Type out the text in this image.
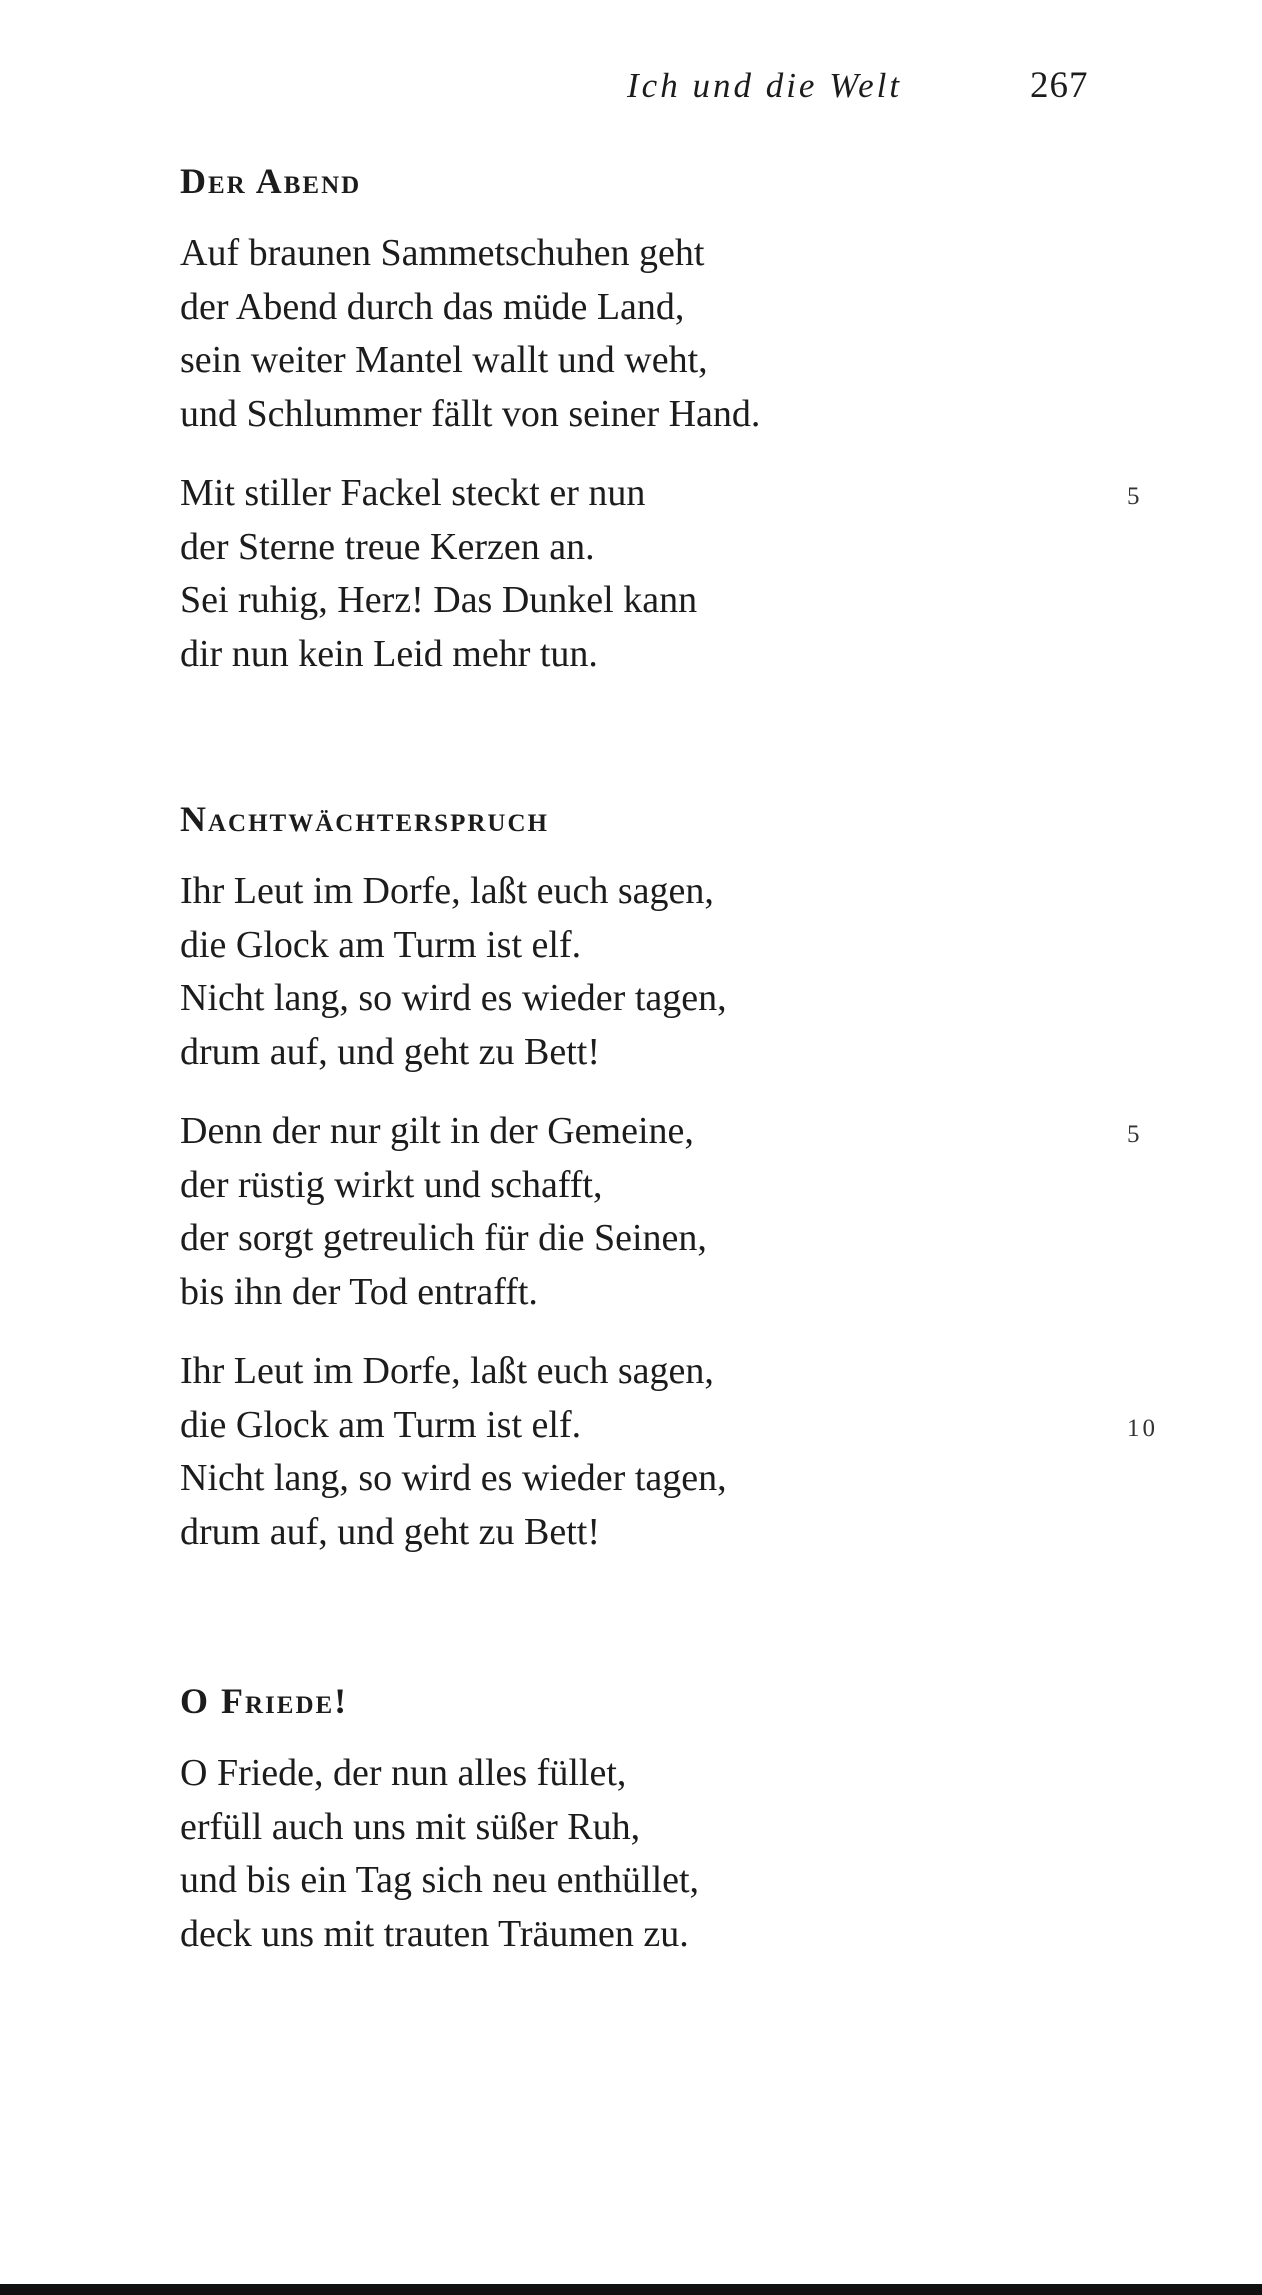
Ich und die Welt	267
Der Abend
Auf braunen Sammetschuhen geht
der Abend durch das müde Land,
sein weiter Mantel wallt und weht,
und Schlummer fällt von seiner Hand.
5
Mit stiller Fackel steckt er nun
der Sterne treue Kerzen an.
Sei ruhig, Herz! Das Dunkel kann
dir nun kein Leid mehr tun.
Nachtwächterspruch
Ihr Leut im Dorfe, laßt euch sagen,
die Glock am Turm ist elf.
Nicht lang, so wird es wieder tagen,
drum auf, und geht zu Bett!
5
Denn der nur gilt in der Gemeine,
der rüstig wirkt und schafft,
der sorgt getreulich für die Seinen,
bis ihn der Tod entrafft.
10
Ihr Leut im Dorfe, laßt euch sagen,
die Glock am Turm ist elf.
Nicht lang, so wird es wieder tagen,
drum auf, und geht zu Bett!
O Friede!
O Friede, der nun alles füllet,
erfüll auch uns mit süßer Ruh,
und bis ein Tag sich neu enthüllet,
deck uns mit trauten Träumen zu.
